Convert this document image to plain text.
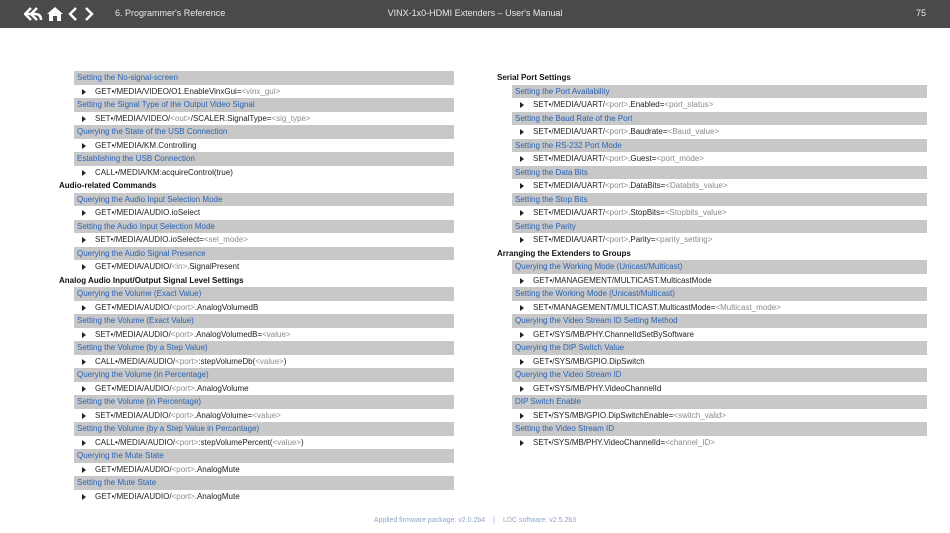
6. Programmer's Reference	VINX-1x0-HDMI Extenders – User's Manual	75
Setting the No-signal-screen
GET•/MEDIA/VIDEO/O1.EnableVinxGui=<vinx_gui>
Setting the Signal Type of the Output Video Signal
SET•/MEDIA/VIDEO/<out>/SCALER.SignalType=<sig_type>
Querying the State of the USB Connection
GET•/MEDIA/KM.Controlling
Establishing the USB Connection
CALL•/MEDIA/KM:acquireControl(true)
Audio-related Commands
Querying the Audio Input Selection Mode
GET•/MEDIA/AUDIO.ioSelect
Setting the Audio Input Selection Mode
SET•/MEDIA/AUDIO.ioSelect=<sel_mode>
Querying the Audio Signal Presence
GET•/MEDIA/AUDIO/<in>.SignalPresent
Analog Audio Input/Output Signal Level Settings
Querying the Volume (Exact Value)
GET•/MEDIA/AUDIO/<port>.AnalogVolumedB
Setting the Volume (Exact Value)
SET•/MEDIA/AUDIO/<port>.AnalogVolumedB=<value>
Setting the Volume (by a Step Value)
CALL•/MEDIA/AUDIO/<port>:stepVolumeDb(<value>)
Querying the Volume (in Percentage)
GET•/MEDIA/AUDIO/<port>.AnalogVolume
Setting the Volume (in Percentage)
SET•/MEDIA/AUDIO/<port>.AnalogVolume=<value>
Setting the Volume (by a Step Value in Percantage)
CALL•/MEDIA/AUDIO/<port>:stepVolumePercent(<value>)
Querying the Mute State
GET•/MEDIA/AUDIO/<port>.AnalogMute
Setting the Mute State
GET•/MEDIA/AUDIO/<port>.AnalogMute
Serial Port Settings
Setting the Port Availability
SET•/MEDIA/UART/<port>.Enabled=<port_status>
Setting the Baud Rate of the Port
SET•/MEDIA/UART/<port>.Baudrate=<Baud_value>
Setting the RS-232 Port Mode
SET•/MEDIA/UART/<port>.Guest=<port_mode>
Setting the Data Bits
SET•/MEDIA/UART/<port>.DataBits=<Databits_value>
Setting the Stop Bits
SET•/MEDIA/UART/<port>.StopBits=<Stopbits_value>
Setting the Parity
SET•/MEDIA/UART/<port>.Parity=<parity_setting>
Arranging the Extenders to Groups
Querying the Working Mode (Unicast/Multicast)
GET•/MANAGEMENT/MULTICAST.MulticastMode
Setting the Working Mode (Unicast/Multicast)
SET•/MANAGEMENT/MULTICAST.MulticastMode=<Multicast_mode>
Querying the Video Stream ID Setting Method
GET•/SYS/MB/PHY.ChannelIdSetBySoftware
Querying the DIP Switch Value
GET•/SYS/MB/GPIO.DipSwitch
Querying the Video Stream ID
GET•/SYS/MB/PHY.VideoChannelId
DIP Switch Enable
SET•/SYS/MB/GPIO.DipSwitchEnable=<switch_valid>
Setting the Video Stream ID
SET•/SYS/MB/PHY.VideoChannelId=<channel_ID>
Applied firmware package: v2.0.2b4 | LDC software: v2.5.2b3
